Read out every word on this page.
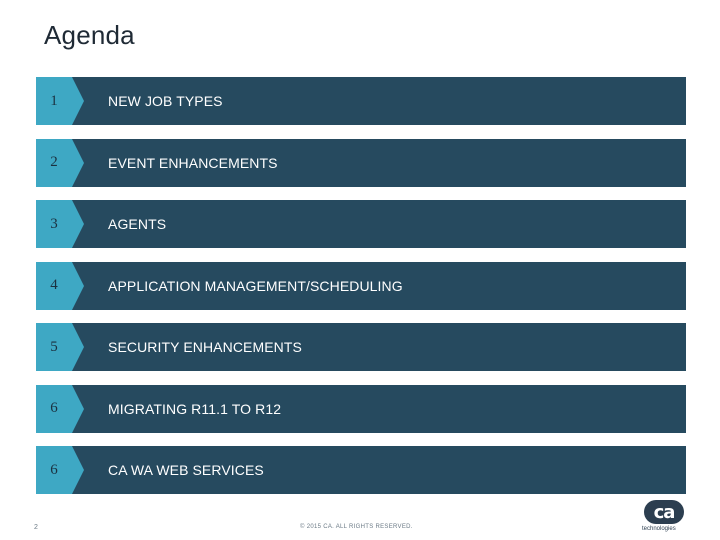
Agenda
1	NEW JOB TYPES
2	EVENT ENHANCEMENTS
3	AGENTS
4	APPLICATION MANAGEMENT/SCHEDULING
5	SECURITY ENHANCEMENTS
6	MIGRATING R11.1 TO R12
6	CA WA WEB SERVICES
2	© 2015 CA. ALL RIGHTS RESERVED.
ca
technologies
